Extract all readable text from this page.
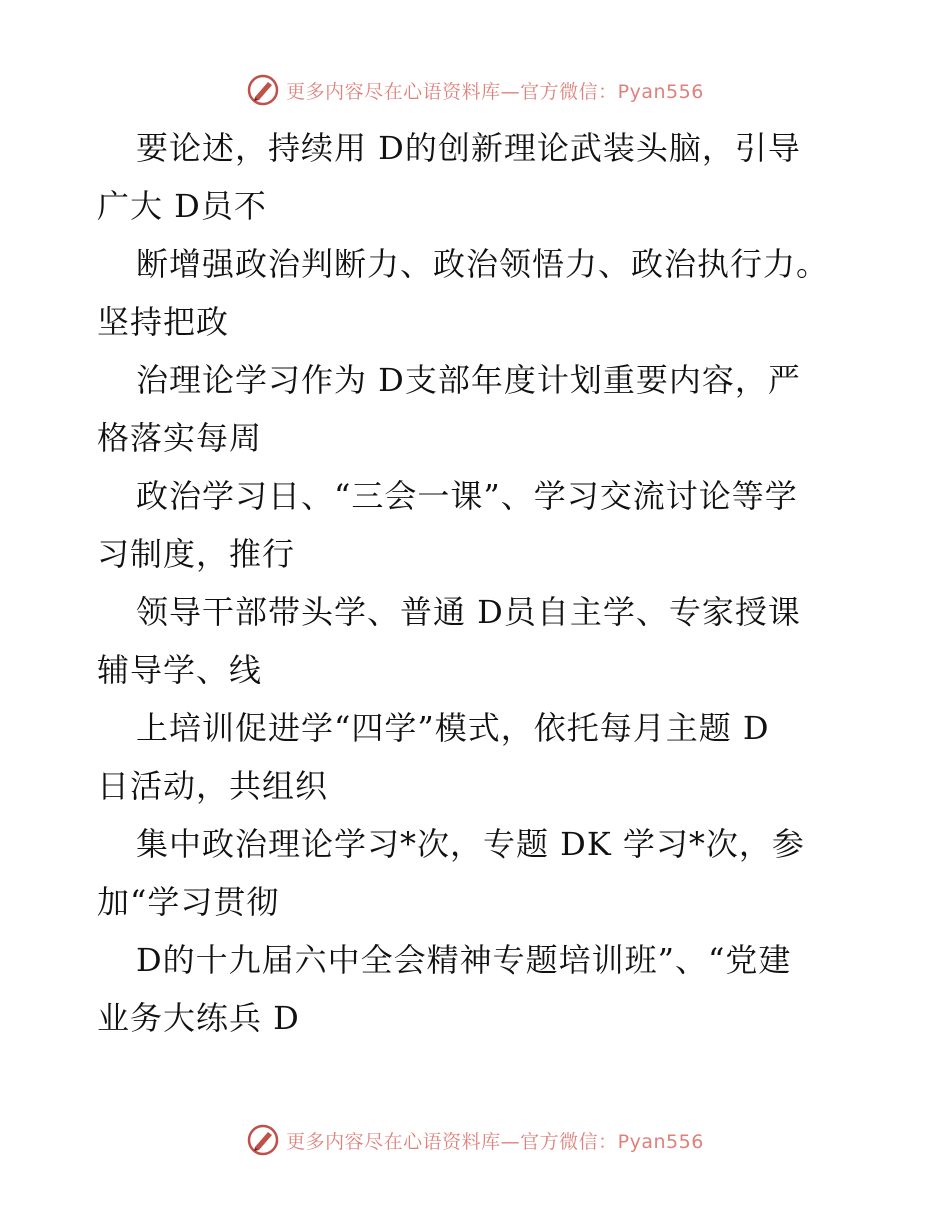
更多内容尽在心语资料库—官方微信：Pyan556
要论述，持续用 D的创新理论武装头脑，引导
广大 D员不
断增强政治判断力、政治领悟力、政治执行力。
坚持把政
治理论学习作为 D支部年度计划重要内容，严
格落实每周
政治学习日、“三会一课”、学习交流讨论等学
习制度，推行
领导干部带头学、普通 D员自主学、专家授课
辅导学、线
上培训促进学“四学”模式，依托每月主题 D
日活动，共组织
集中政治理论学习*次，专题 DK 学习*次，参
加“学习贯彻
D的十九届六中全会精神专题培训班”、“党建
业务大练兵 D
更多内容尽在心语资料库—官方微信：Pyan556
